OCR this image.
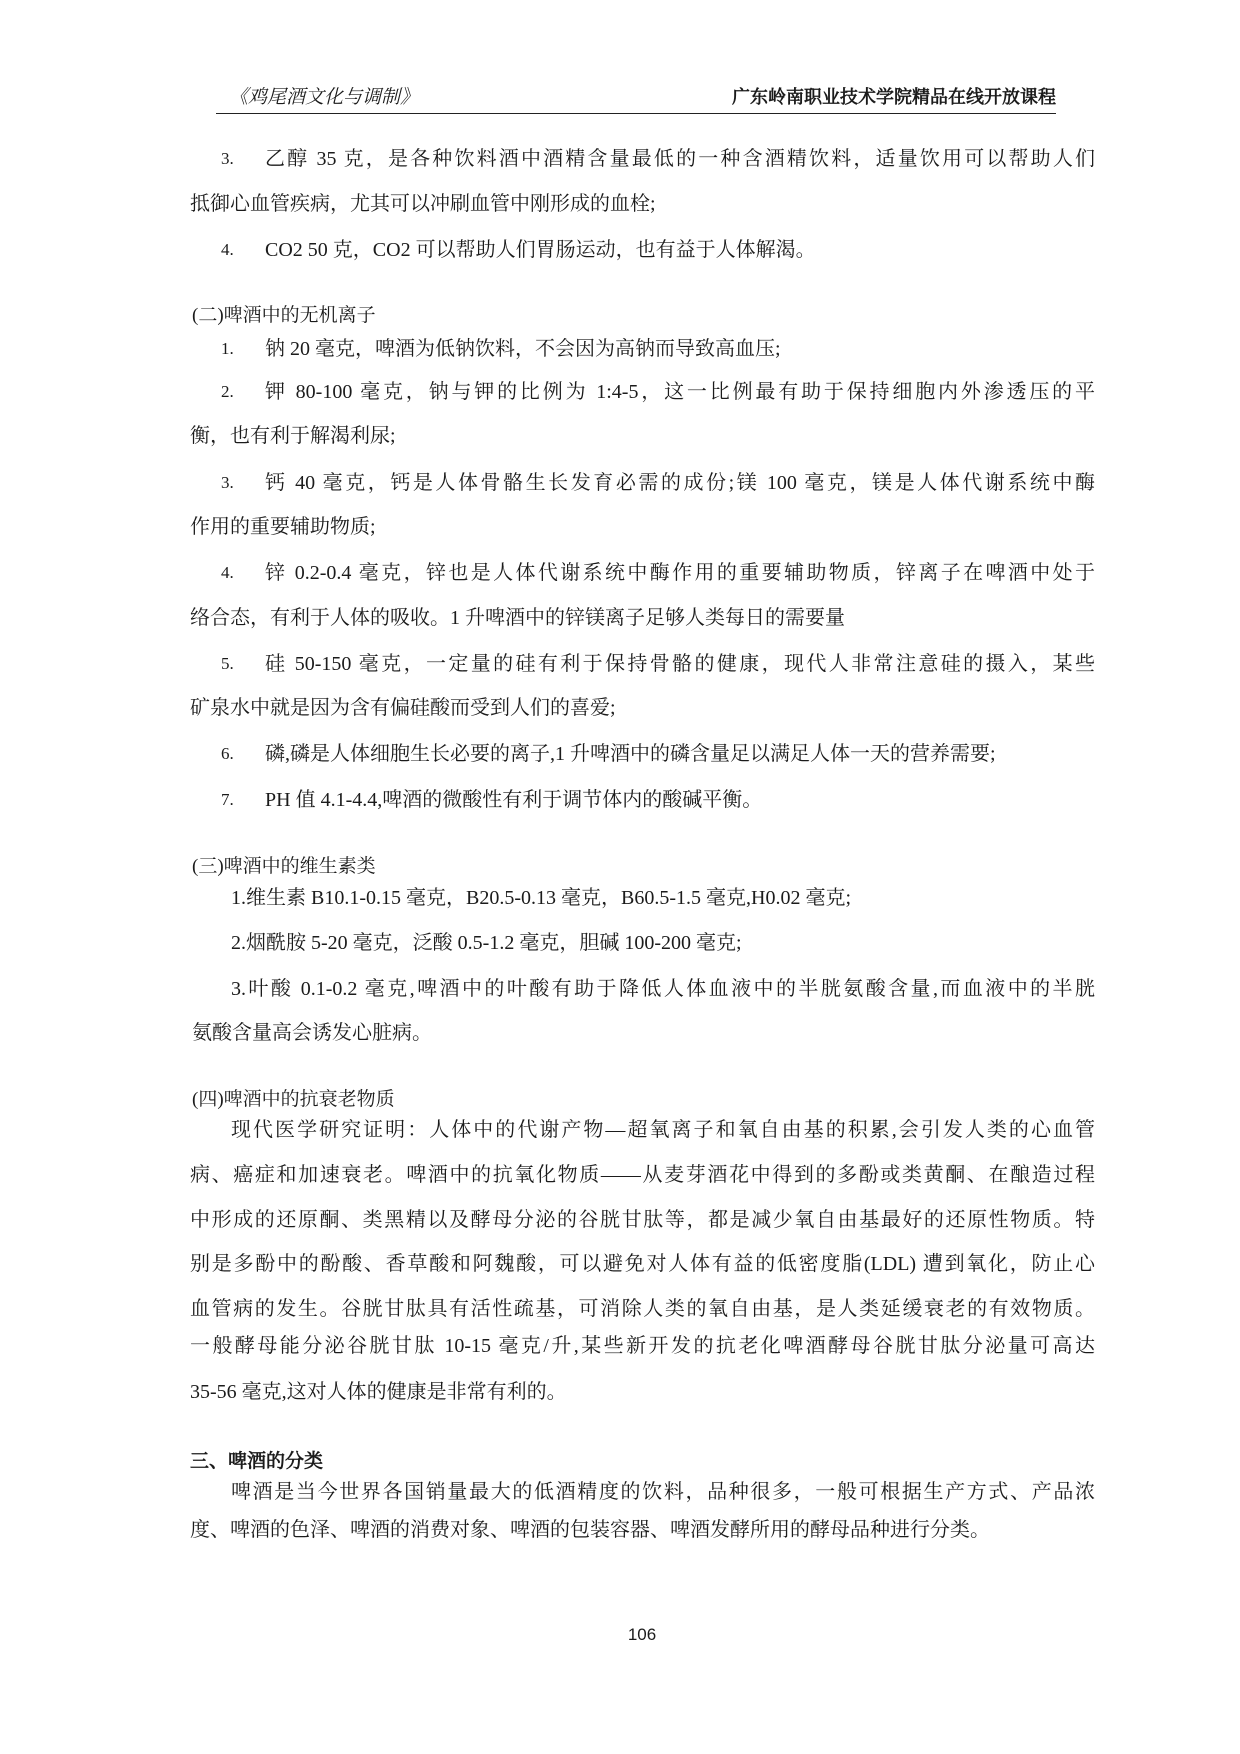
《鸡尾酒文化与调制》	广东岭南职业技术学院精品在线开放课程
3.	乙醇 35 克，是各种饮料酒中酒精含量最低的一种含酒精饮料，适量饮用可以帮助人们
抵御心血管疾病，尤其可以冲刷血管中刚形成的血栓;
4.	CO2 50 克，CO2 可以帮助人们胃肠运动，也有益于人体解渴。
(二)啤酒中的无机离子
1.	钠 20 毫克，啤酒为低钠饮料，不会因为高钠而导致高血压;
2.	钾 80-100 毫克，钠与钾的比例为 1:4-5，这一比例最有助于保持细胞内外渗透压的平
衡，也有利于解渴利尿;
3.	钙 40 毫克，钙是人体骨骼生长发育必需的成份;镁 100 毫克，镁是人体代谢系统中酶
作用的重要辅助物质;
4.	锌 0.2-0.4 毫克，锌也是人体代谢系统中酶作用的重要辅助物质，锌离子在啤酒中处于
络合态，有利于人体的吸收。1 升啤酒中的锌镁离子足够人类每日的需要量
5.	硅 50-150 毫克，一定量的硅有利于保持骨骼的健康，现代人非常注意硅的摄入，某些
矿泉水中就是因为含有偏硅酸而受到人们的喜爱;
6.	磷,磷是人体细胞生长必要的离子,1 升啤酒中的磷含量足以满足人体一天的营养需要;
7.	PH 值 4.1-4.4,啤酒的微酸性有利于调节体内的酸碱平衡。
(三)啤酒中的维生素类
1.维生素 B10.1-0.15 毫克，B20.5-0.13 毫克，B60.5-1.5 毫克,H0.02 毫克;
2.烟酰胺 5-20 毫克，泛酸 0.5-1.2 毫克，胆碱 100-200 毫克;
3.叶酸 0.1-0.2 毫克,啤酒中的叶酸有助于降低人体血液中的半胱氨酸含量,而血液中的半胱
氨酸含量高会诱发心脏病。
(四)啤酒中的抗衰老物质
现代医学研究证明：人体中的代谢产物—超氧离子和氧自由基的积累,会引发人类的心血管
病、癌症和加速衰老。啤酒中的抗氧化物质——从麦芽酒花中得到的多酚或类黄酮、在酿造过程
中形成的还原酮、类黑精以及酵母分泌的谷胱甘肽等，都是减少氧自由基最好的还原性物质。特
别是多酚中的酚酸、香草酸和阿魏酸，可以避免对人体有益的低密度脂(LDL) 遭到氧化，防止心
血管病的发生。谷胱甘肽具有活性疏基，可消除人类的氧自由基，是人类延缓衰老的有效物质。
一般酵母能分泌谷胱甘肽 10-15 毫克/升,某些新开发的抗老化啤酒酵母谷胱甘肽分泌量可高达
35-56 毫克,这对人体的健康是非常有利的。
三、啤酒的分类
啤酒是当今世界各国销量最大的低酒精度的饮料，品种很多，一般可根据生产方式、产品浓
度、啤酒的色泽、啤酒的消费对象、啤酒的包装容器、啤酒发酵所用的酵母品种进行分类。
106
